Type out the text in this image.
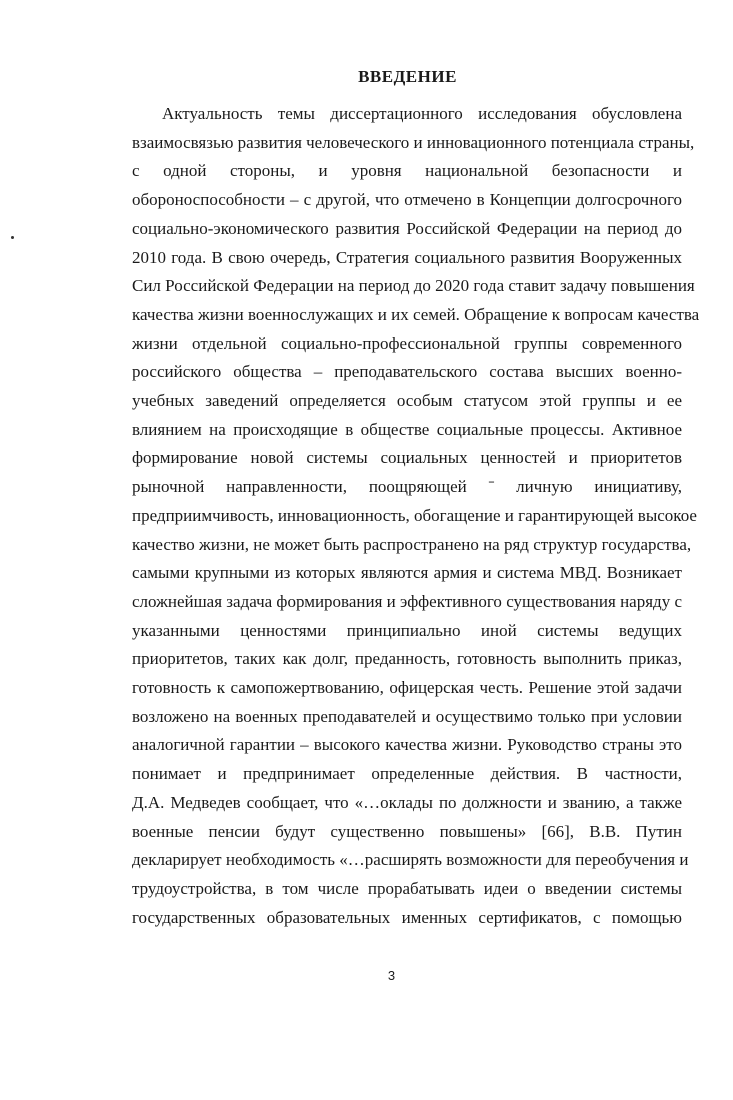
ВВЕДЕНИЕ
Актуальность темы диссертационного исследования обусловлена
взаимосвязью развития человеческого и инновационного потенциала страны,
с одной стороны, и уровня национальной безопасности и
обороноспособности – с другой, что отмечено в Концепции долгосрочного
социально-экономического развития Российской Федерации на период до
2010 года. В свою очередь, Стратегия социального развития Вооруженных
Сил Российской Федерации на период до 2020 года ставит задачу повышения
качества жизни военнослужащих и их семей. Обращение к вопросам качества
жизни отдельной социально-профессиональной группы современного
российского общества – преподавательского состава высших военно-
учебных заведений определяется особым статусом этой группы и ее
влиянием на происходящие в обществе социальные процессы. Активное
формирование новой системы социальных ценностей и приоритетов
рыночной направленности, поощряющей ˉ личную инициативу,
предприимчивость, инновационность, обогащение и гарантирующей высокое
качество жизни, не может быть распространено на ряд структур государства,
самыми крупными из которых являются армия и система МВД. Возникает
сложнейшая задача формирования и эффективного существования наряду с
указанными ценностями принципиально иной системы ведущих
приоритетов, таких как долг, преданность, готовность выполнить приказ,
готовность к самопожертвованию, офицерская честь. Решение этой задачи
возложено на военных преподавателей и осуществимо только при условии
аналогичной гарантии – высокого качества жизни. Руководство страны это
понимает и предпринимает определенные действия. В частности,
Д.А. Медведев сообщает, что «…оклады по должности и званию, а также
военные пенсии будут существенно повышены» [66], В.В. Путин
декларирует необходимость «…расширять возможности для переобучения и
трудоустройства, в том числе прорабатывать идеи о введении системы
государственных образовательных именных сертификатов, с помощью
3
